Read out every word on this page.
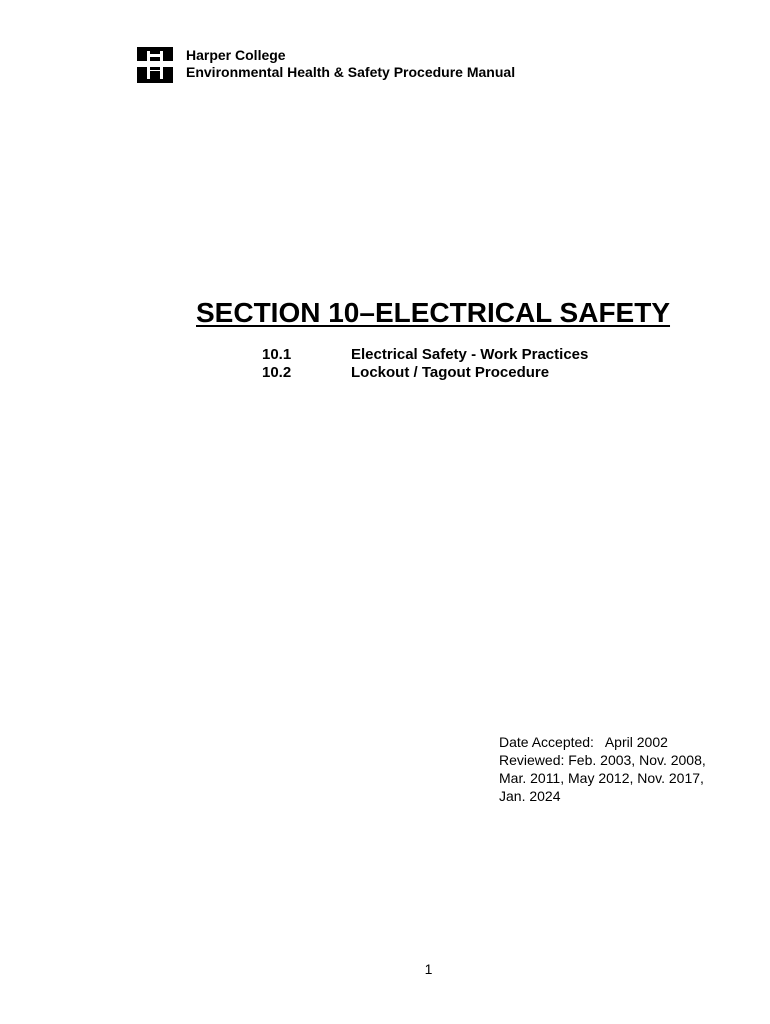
Harper College
Environmental Health & Safety Procedure Manual
SECTION 10–ELECTRICAL SAFETY
10.1	Electrical Safety - Work Practices
10.2	Lockout / Tagout Procedure
Date Accepted:   April 2002
Reviewed: Feb. 2003, Nov. 2008,
Mar. 2011, May 2012, Nov. 2017,
Jan. 2024
1
